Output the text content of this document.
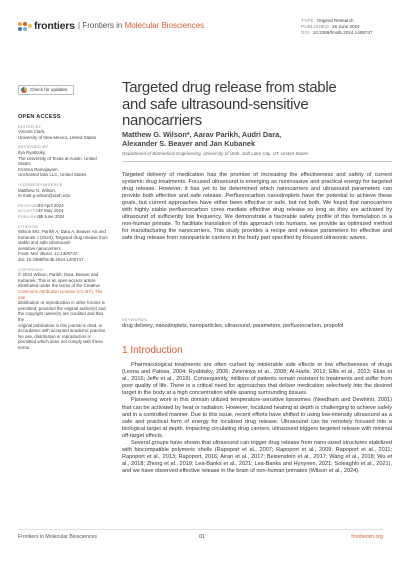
frontiers | Frontiers in Molecular Biosciences
TYPE Original Research
PUBLISHED 19 June 2024
DOI 10.3389/fmolb.2024.1405747
Check for updates
OPEN ACCESS
EDITED BY
Vincent Clark,
University of New Mexico, United States
REVIEWED BY
Ilya Ryabtsiky,
The University of Texas at Austin, United States
Krishna Ramajayam,
Unchained labs LLC, United States
*CORRESPONDENCE
Matthew G. Wilson,
✉ matt.g.wilson@utah.edu
RECEIVED
03 April 2024
ACCEPTED
17 May 2024
PUBLISHED
19 June 2024
CITATION
Wilson MG, Parikh A, Dara A, Beaver AS and
Kubanek J (2024), Targeted drug release from
stable and safe ultrasound-
sensitive nanocarriers.
Front. Mol. Biosci. 11:1405747.
doi: 10.3389/fmolb.2024.1405747
COPYRIGHT
© 2024 Wilson, Parikh, Dara, Beaver and
Kubanek. This is an open-access article
distributed under the terms of the Creative
Commons Attribution License (CC BY). The use,
distribution or reproduction in other forums is
permitted, provided the original author(s) and
the copyright owner(s) are credited and that the
original publication in this journal is cited, in
accordance with accepted academic practice.
No use, distribution or reproduction is
permitted which does not comply with these
terms.
Targeted drug release from stable
and safe ultrasound-sensitive
nanocarriers
Matthew G. Wilson*, Aarav Parikh, Audri Dara,
Alexander S. Beaver and Jan Kubanek
Department of Biomedical Engineering, University of Utah, Salt Lake City, UT, United States
Targeted delivery of medication has the promise of increasing the effectiveness and safety of current systemic drug treatments. Focused ultrasound is emerging as noninvasive and practical energy for targeted drug release. However, it has yet to be determined which nanocarriers and ultrasound parameters can provide both effective and safe release. Perfluorocarbon nanodroplets have the potential to achieve these goals, but current approaches have either been effective or safe, but not both. We found that nanocarriers with highly stable perfluorocarbon cores mediate effective drug release so long as they are activated by ultrasound of sufficiently low frequency. We demonstrate a favorable safety profile of this formulation in a non-human primate. To facilitate translation of this approach into humans, we provide an optimized method for manufacturing the nanocarriers. This study provides a recipe and release parameters for effective and safe drug release from nanoparticle carriers in the body part specified by focused ultrasonic waves.
KEYWORDS
drug delivery, nanodroplets, nanoparticles, ultrasound, parameters, perfluorocarbon, propofol
1 Introduction

Pharmacological treatments are often curbed by intolerable side effects or low effectiveness of drugs (Lesna and Pabwa, 2004; Ryabtsiky, 2006; Zelenkiya et al., 2008; Al-Harbi, 2012; Ellis et al., 2013; Elias et al., 2016; Jeffe et al., 2019). Consequently, millions of patients remain resistant to treatments and suffer from poor quality of life. There is a critical need for approaches that deliver medication selectively into the desired target in the body at a high concentration while sparing surrounding tissues.

Pioneering work in this domain utilized temperature-sensitive liposomes (Needham and Dewhirst, 2001) that can be activated by heat or radiation. However, localized heating at depth is challenging to achieve safely and in a controlled manner. Due to this issue, recent efforts have shifted to using low-intensity ultrasound as a safe and practical form of energy for localized drug release. Ultrasound can be remotely focused into a biological target at depth. Impacting circulating drug carriers, ultrasound triggers targeted release with minimal off-target effects.

Several groups have shown that ultrasound can trigger drug release from nano-sized structures stabilized with biocompatible polymeric shells (Rapoport et al., 2007; Rapoport et al., 2009; Rapoport et al., 2011; Rapoport et al., 2013; Rapoport, 2016; Airan et al., 2017; Beisenstein et al., 2017; Wang et al., 2018; Wu et al., 2018; Zhong et al., 2019; Lea-Banks et al., 2021; Lea-Banks and Hynynen, 2021; Soleaghlo et al., 2021), and we have observed effective release in the brain of non-human primates (Wilson et al., 2024).

Frontiers in Molecular Biosciences	01	frontiersin.org
